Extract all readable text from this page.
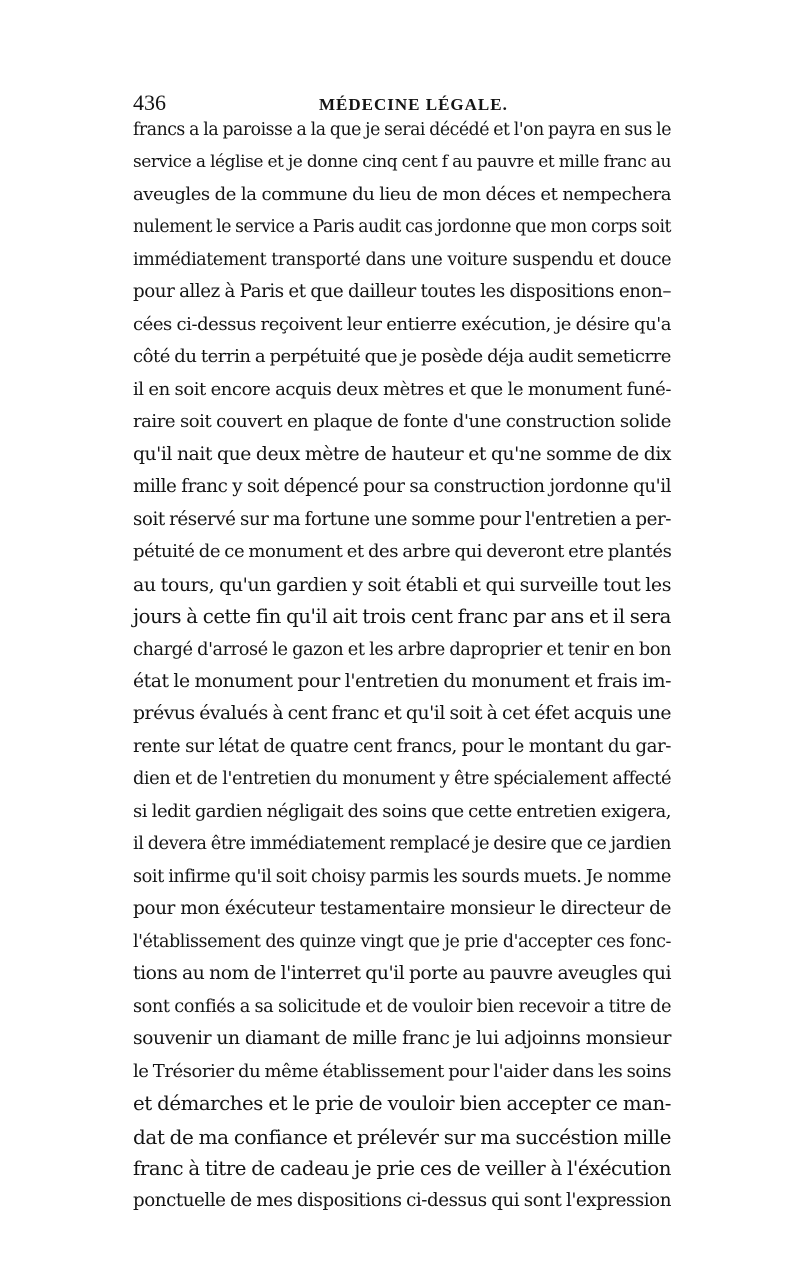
436	MÉDECINE LÉGALE.
francs a la paroisse a la que je serai décédé et l'on payra en sus le
service a léglise et je donne cinq cent f au pauvre et mille franc au
aveugles de la commune du lieu de mon déces et nempechera
nulement le service a Paris audit cas jordonne que mon corps soit
immédiatement transporté dans une voiture suspendu et douce
pour allez à Paris et que dailleur toutes les dispositions enon–
cées ci-dessus reçoivent leur entierre exécution, je désire qu'a
côté du terrin a perpétuité que je posède déja audit semeticrre
il en soit encore acquis deux mètres et que le monument funé-
raire soit couvert en plaque de fonte d'une construction solide
qu'il nait que deux mètre de hauteur et qu'ne somme de dix
mille franc y soit dépencé pour sa construction jordonne qu'il
soit réservé sur ma fortune une somme pour l'entretien a per-
pétuité de ce monument et des arbre qui deveront etre plantés
au tours, qu'un gardien y soit établi et qui surveille tout les
jours à cette fin qu'il ait trois cent franc par ans et il sera
chargé d'arrosé le gazon et les arbre daproprier et tenir en bon
état le monument pour l'entretien du monument et frais im-
prévus évalués à cent franc et qu'il soit à cet éfet acquis une
rente sur létat de quatre cent francs, pour le montant du gar-
dien et de l'entretien du monument y être spécialement affecté
si ledit gardien négligait des soins que cette entretien exigera,
il devera être immédiatement remplacé je desire que ce jardien
soit infirme qu'il soit choisy parmis les sourds muets. Je nomme
pour mon éxécuteur testamentaire monsieur le directeur de
l'établissement des quinze vingt que je prie d'accepter ces fonc-
tions au nom de l'interret qu'il porte au pauvre aveugles qui
sont confiés a sa solicitude et de vouloir bien recevoir a titre de
souvenir un diamant de mille franc je lui adjoinns monsieur
le Trésorier du même établissement pour l'aider dans les soins
et démarches et le prie de vouloir bien accepter ce man-
dat de ma confiance et prélevér sur ma succéstion mille
franc à titre de cadeau je prie ces de veiller à l'éxécution
ponctuelle de mes dispositions ci-dessus qui sont l'expression
